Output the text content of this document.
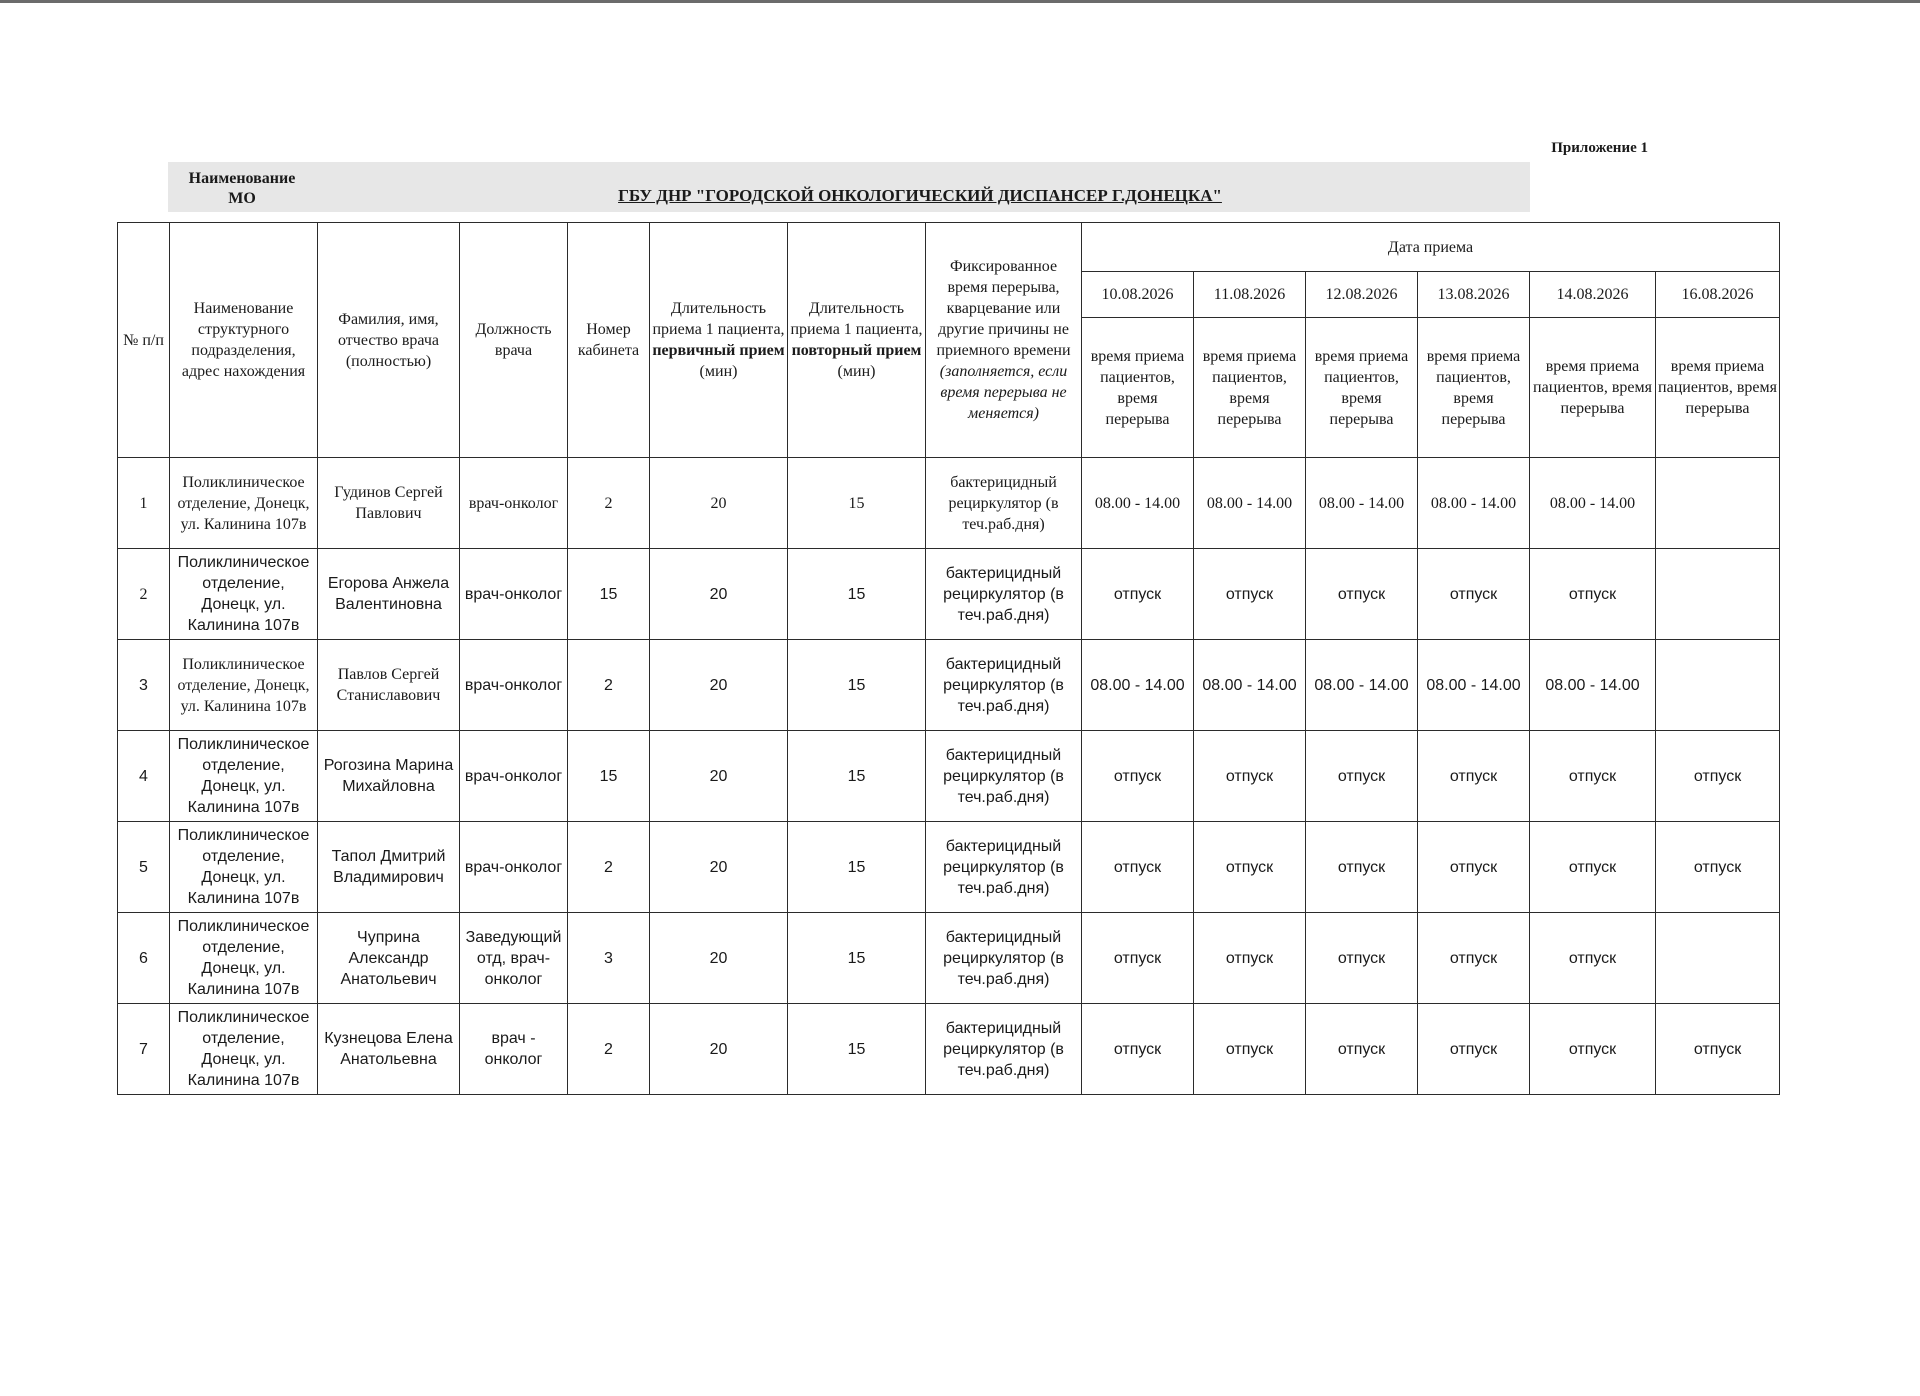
Приложение 1
Наименование
МО	ГБУ ДНР "ГОРОДСКОЙ ОНКОЛОГИЧЕСКИЙ ДИСПАНСЕР Г.ДОНЕЦКА"
№ п/п	Наименование структурного подразделения, адрес нахождения	Фамилия, имя, отчество врача (полностью)	Должность врача	Номер кабинета	Длительность приема 1 пациента, первичный прием (мин)	Длительность приема 1 пациента, повторный прием (мин)	Фиксированное время перерыва, кварцевание или другие причины не приемного времени (заполняется, если время перерыва не меняется)	Дата приема					
								10.08.2026	11.08.2026	12.08.2026	13.08.2026	14.08.2026	16.08.2026
								время приема пациентов, время перерыва	время приема пациентов, время перерыва	время приема пациентов, время перерыва	время приема пациентов, время перерыва	время приема пациентов, время перерыва	время приема пациентов, время перерыва
1	Поликлиническое отделение, Донецк, ул. Калинина 107в	Гудинов Сергей Павлович	врач-онколог	2	20	15	бактерицидный рециркулятор (в теч.раб.дня)	08.00 - 14.00	08.00 - 14.00	08.00 - 14.00	08.00 - 14.00	08.00 - 14.00	
2	Поликлиническое отделение, Донецк, ул. Калинина 107в	Егорова Анжела Валентиновна	врач-онколог	15	20	15	бактерицидный рециркулятор (в теч.раб.дня)	отпуск	отпуск	отпуск	отпуск	отпуск	
3	Поликлиническое отделение, Донецк, ул. Калинина 107в	Павлов Сергей Станиславович	врач-онколог	2	20	15	бактерицидный рециркулятор (в теч.раб.дня)	08.00 - 14.00	08.00 - 14.00	08.00 - 14.00	08.00 - 14.00	08.00 - 14.00	
4	Поликлиническое отделение, Донецк, ул. Калинина 107в	Рогозина Марина Михайловна	врач-онколог	15	20	15	бактерицидный рециркулятор (в теч.раб.дня)	отпуск	отпуск	отпуск	отпуск	отпуск	отпуск
5	Поликлиническое отделение, Донецк, ул. Калинина 107в	Тапол Дмитрий Владимирович	врач-онколог	2	20	15	бактерицидный рециркулятор (в теч.раб.дня)	отпуск	отпуск	отпуск	отпуск	отпуск	отпуск
6	Поликлиническое отделение, Донецк, ул. Калинина 107в	Чуприна Александр Анатольевич	Заведующий отд, врач-онколог	3	20	15	бактерицидный рециркулятор (в теч.раб.дня)	отпуск	отпуск	отпуск	отпуск	отпуск	
7	Поликлиническое отделение, Донецк, ул. Калинина 107в	Кузнецова Елена Анатольевна	врач - онколог	2	20	15	бактерицидный рециркулятор (в теч.раб.дня)	отпуск	отпуск	отпуск	отпуск	отпуск	отпуск
